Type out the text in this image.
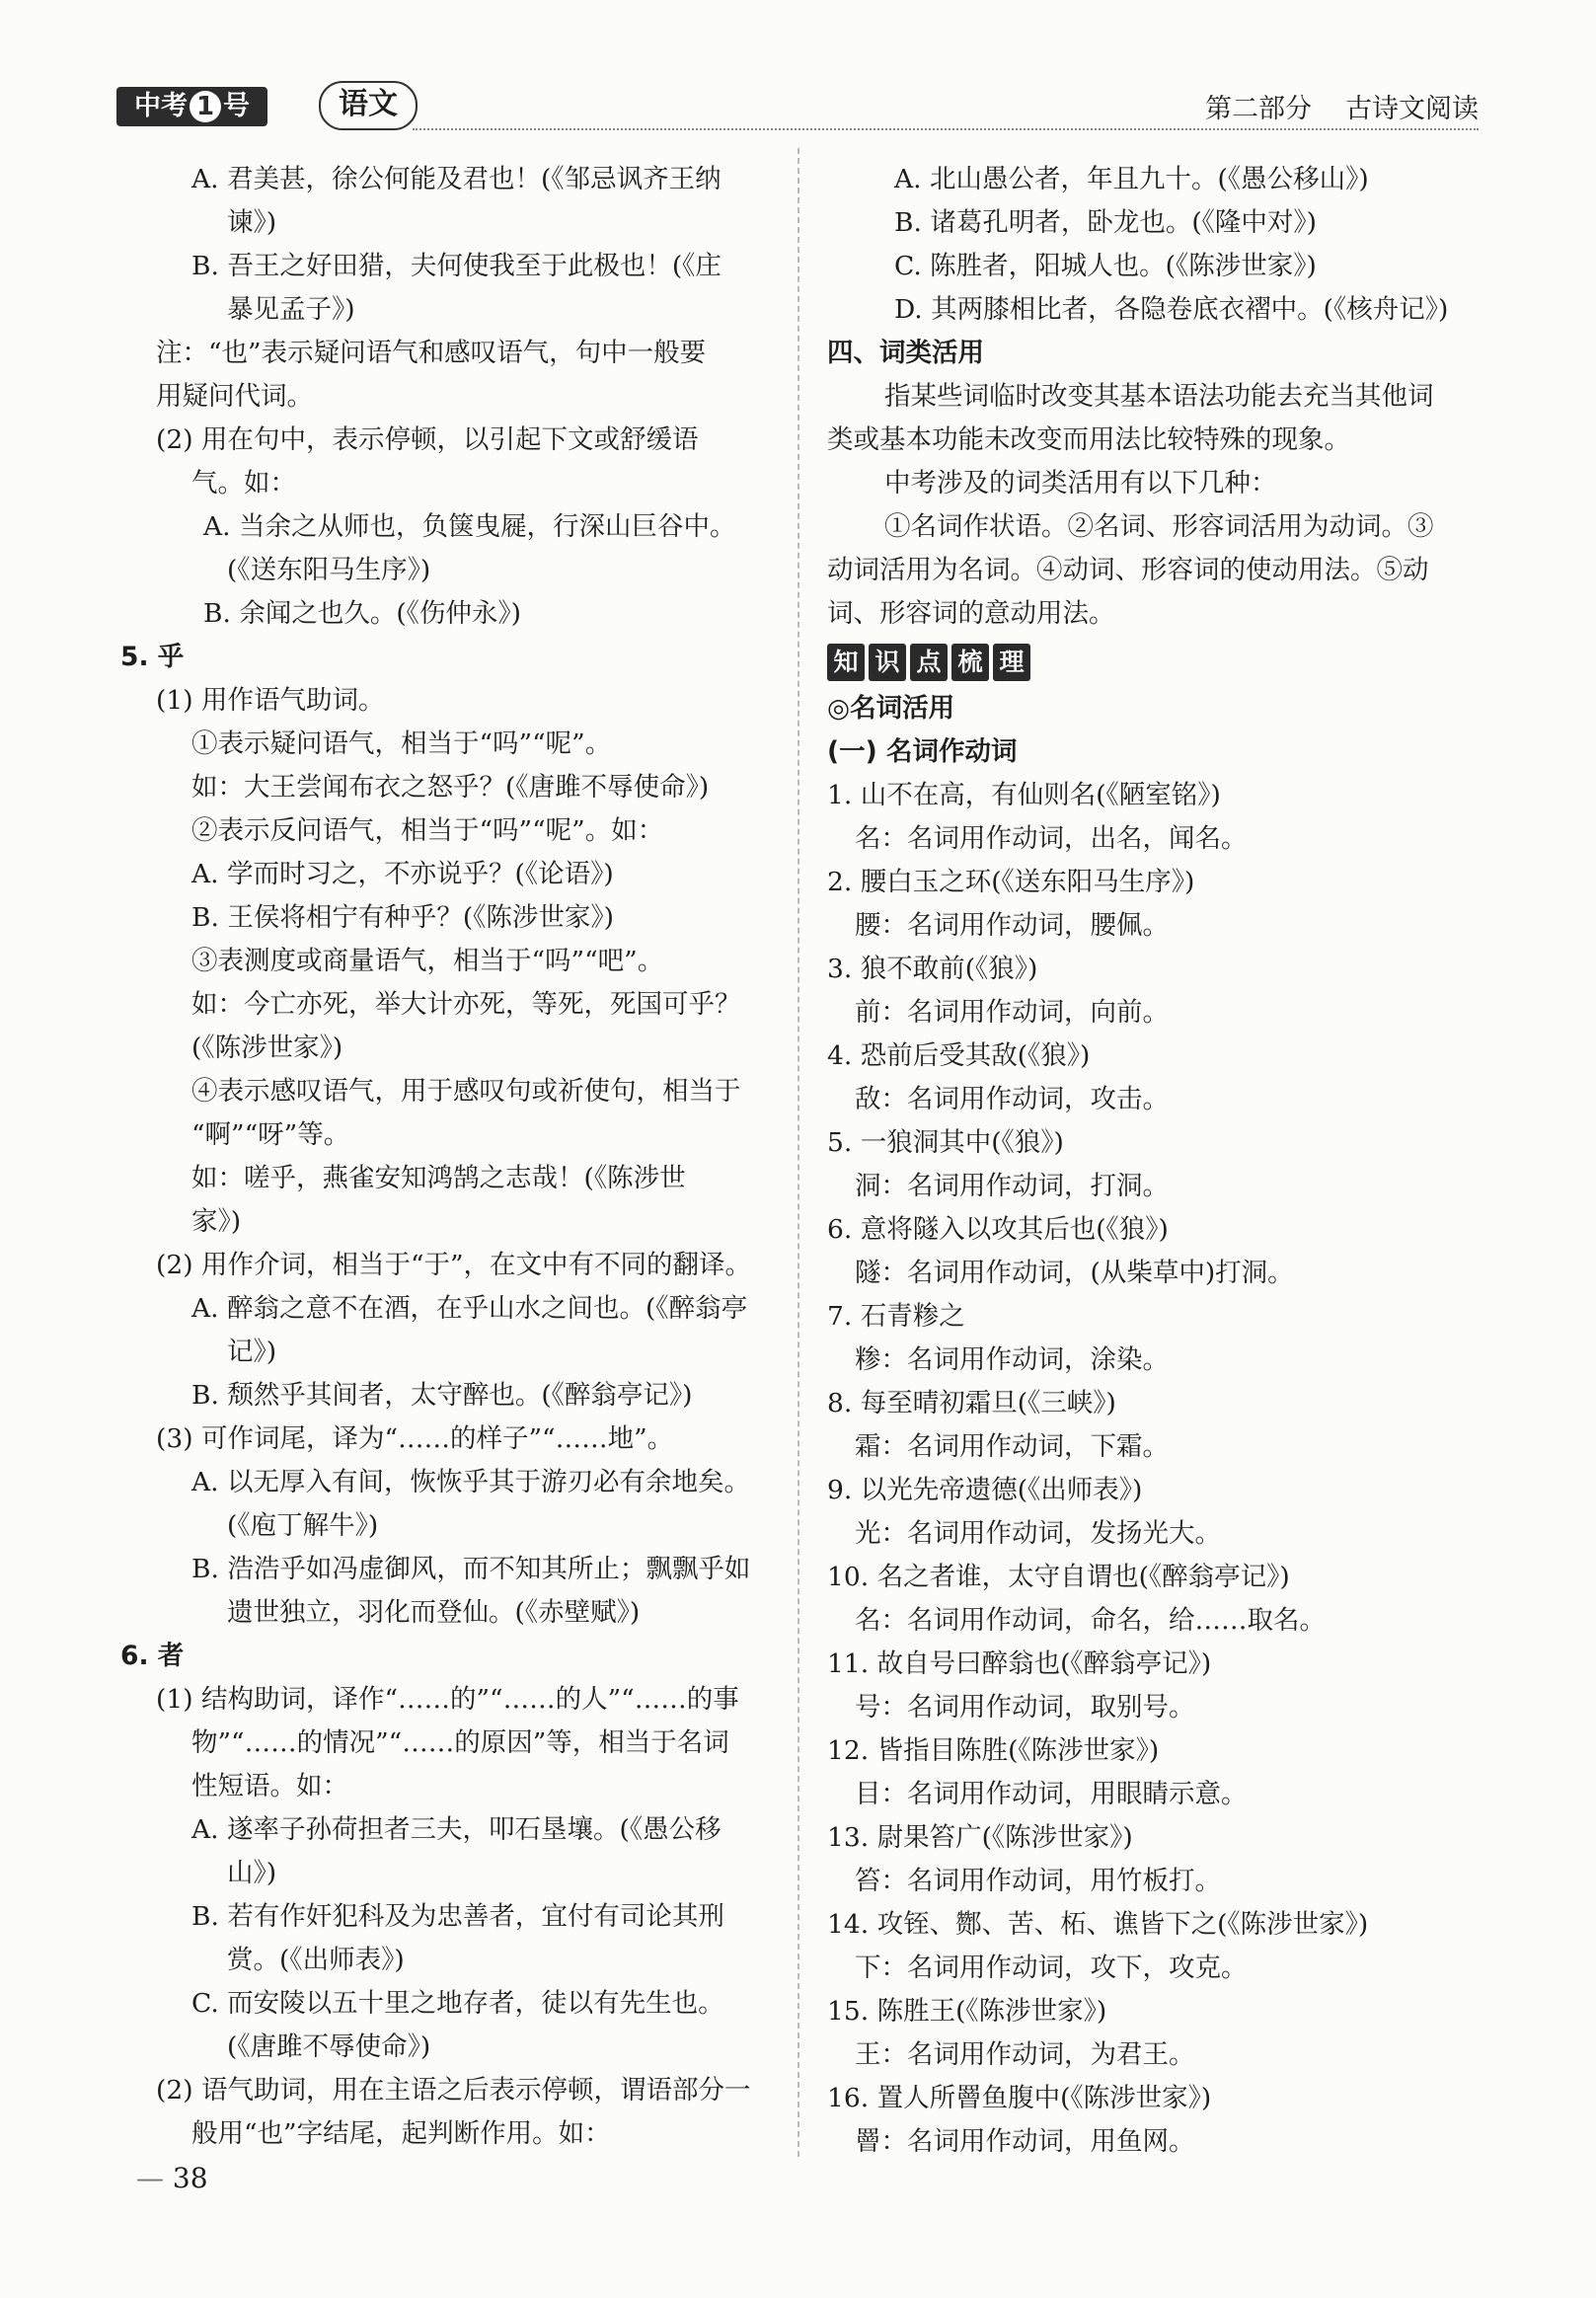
中考 1 号	语文	第二部分 古诗文阅读
A. 君美甚，徐公何能及君也！(《邹忌讽齐王纳
谏》)
B. 吾王之好田猎，夫何使我至于此极也！(《庄
暴见孟子》)
注：“也”表示疑问语气和感叹语气，句中一般要
用疑问代词。
(2) 用在句中，表示停顿，以引起下文或舒缓语
气。如：
A. 当余之从师也，负箧曳屣，行深山巨谷中。
(《送东阳马生序》)
B. 余闻之也久。(《伤仲永》)
5. 乎
(1) 用作语气助词。
①表示疑问语气，相当于“吗”“呢”。
如：大王尝闻布衣之怒乎？(《唐雎不辱使命》)
②表示反问语气，相当于“吗”“呢”。如：
A. 学而时习之，不亦说乎？(《论语》)
B. 王侯将相宁有种乎？(《陈涉世家》)
③表测度或商量语气，相当于“吗”“吧”。
如：今亡亦死，举大计亦死，等死，死国可乎？
(《陈涉世家》)
④表示感叹语气，用于感叹句或祈使句，相当于
“啊”“呀”等。
如：嗟乎，燕雀安知鸿鹄之志哉！(《陈涉世
家》)
(2) 用作介词，相当于“于”，在文中有不同的翻译。
A. 醉翁之意不在酒，在乎山水之间也。(《醉翁亭
记》)
B. 颓然乎其间者，太守醉也。(《醉翁亭记》)
(3) 可作词尾，译为“……的样子”“……地”。
A. 以无厚入有间，恢恢乎其于游刃必有余地矣。
(《庖丁解牛》)
B. 浩浩乎如冯虚御风，而不知其所止；飘飘乎如
遗世独立，羽化而登仙。(《赤壁赋》)
6. 者
(1) 结构助词，译作“……的”“……的人”“……的事
物”“……的情况”“……的原因”等，相当于名词
性短语。如：
A. 遂率子孙荷担者三夫，叩石垦壤。(《愚公移
山》)
B. 若有作奸犯科及为忠善者，宜付有司论其刑
赏。(《出师表》)
C. 而安陵以五十里之地存者，徒以有先生也。
(《唐雎不辱使命》)
(2) 语气助词，用在主语之后表示停顿，谓语部分一
般用“也”字结尾，起判断作用。如：
A. 北山愚公者，年且九十。(《愚公移山》)
B. 诸葛孔明者，卧龙也。(《隆中对》)
C. 陈胜者，阳城人也。(《陈涉世家》)
D. 其两膝相比者，各隐卷底衣褶中。(《核舟记》)
四、词类活用
指某些词临时改变其基本语法功能去充当其他词
类或基本功能未改变而用法比较特殊的现象。
中考涉及的词类活用有以下几种：
①名词作状语。②名词、形容词活用为动词。③
动词活用为名词。④动词、形容词的使动用法。⑤动
词、形容词的意动用法。
知 识 点 梳 理
◎名词活用
(一) 名词作动词
1. 山不在高，有仙则名(《陋室铭》)
名：名词用作动词，出名，闻名。
2. 腰白玉之环(《送东阳马生序》)
腰：名词用作动词，腰佩。
3. 狼不敢前(《狼》)
前：名词用作动词，向前。
4. 恐前后受其敌(《狼》)
敌：名词用作动词，攻击。
5. 一狼洞其中(《狼》)
洞：名词用作动词，打洞。
6. 意将隧入以攻其后也(《狼》)
隧：名词用作动词，(从柴草中)打洞。
7. 石青糁之
糁：名词用作动词，涂染。
8. 每至晴初霜旦(《三峡》)
霜：名词用作动词，下霜。
9. 以光先帝遗德(《出师表》)
光：名词用作动词，发扬光大。
10. 名之者谁，太守自谓也(《醉翁亭记》)
名：名词用作动词，命名，给……取名。
11. 故自号曰醉翁也(《醉翁亭记》)
号：名词用作动词，取别号。
12. 皆指目陈胜(《陈涉世家》)
目：名词用作动词，用眼睛示意。
13. 尉果笞广(《陈涉世家》)
笞：名词用作动词，用竹板打。
14. 攻铚、酂、苦、柘、谯皆下之(《陈涉世家》)
下：名词用作动词，攻下，攻克。
15. 陈胜王(《陈涉世家》)
王：名词用作动词，为君王。
16. 置人所罾鱼腹中(《陈涉世家》)
罾：名词用作动词，用鱼网。
— 38
